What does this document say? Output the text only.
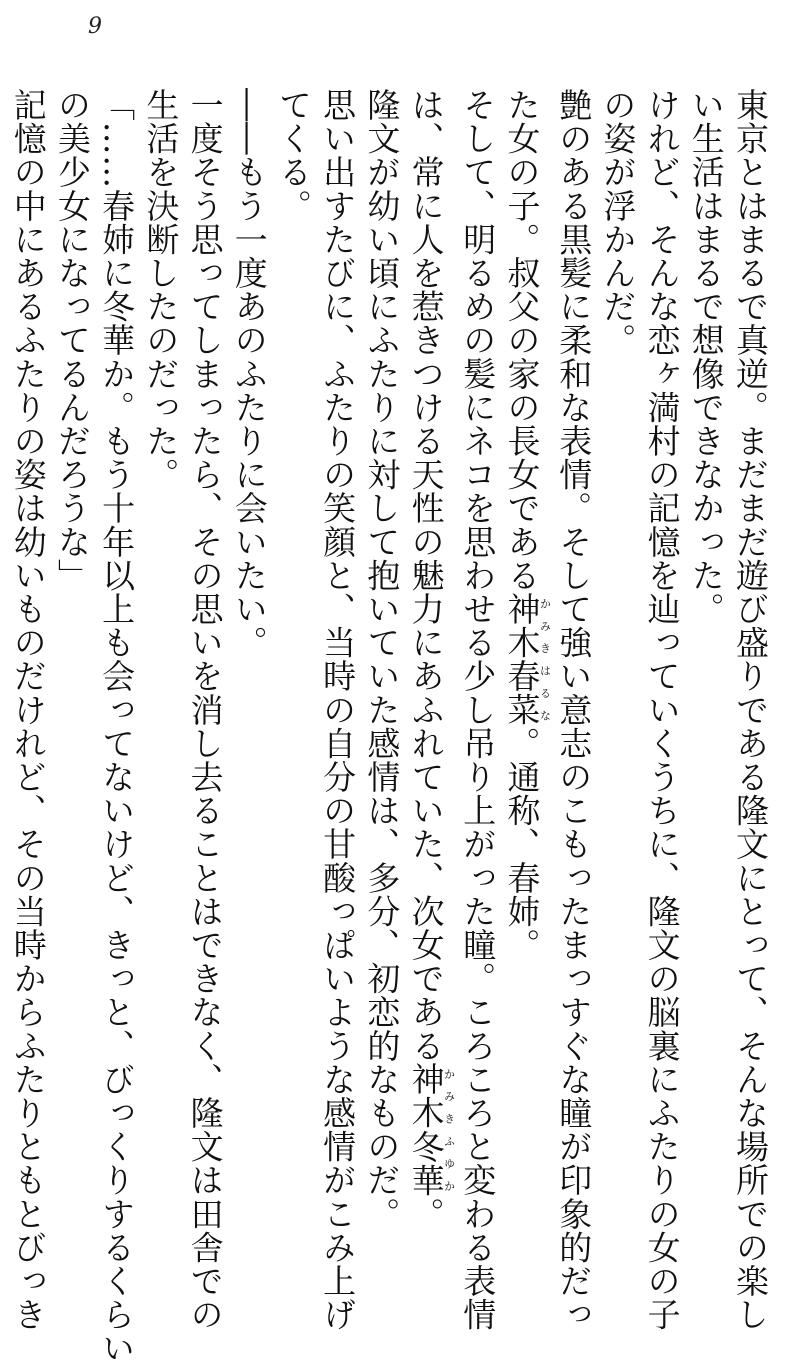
9
東京とはまるで真逆。まだまだ遊び盛りである隆文にとって、そんな場所での楽し
い生活はまるで想像できなかった。
けれど、そんな恋ヶ満村の記憶を辿っていくうちに、隆文の脳裏にふたりの女の子
の姿が浮かんだ。
艶のある黒髪に柔和な表情。そして強い意志のこもったまっすぐな瞳が印象的だっ
た女の子。叔父の家の長女である神木かみき春菜はるな。通称、春姉。
そして、明るめの髪にネコを思わせる少し吊り上がった瞳。ころころと変わる表情
は、常に人を惹きつける天性の魅力にあふれていた、次女である神木かみき冬華ふゆか。
隆文が幼い頃にふたりに対して抱いていた感情は、多分、初恋的なものだ。
思い出すたびに、ふたりの笑顔と、当時の自分の甘酸っぱいような感情がこみ上げ
てくる。
――もう一度あのふたりに会いたい。
一度そう思ってしまったら、その思いを消し去ることはできなく、隆文は田舎での
生活を決断したのだった。
「……春姉に冬華か。もう十年以上も会ってないけど、きっと、びっくりするくらい
の美少女になってるんだろうな」
記憶の中にあるふたりの姿は幼いものだけれど、その当時からふたりともとびっき
